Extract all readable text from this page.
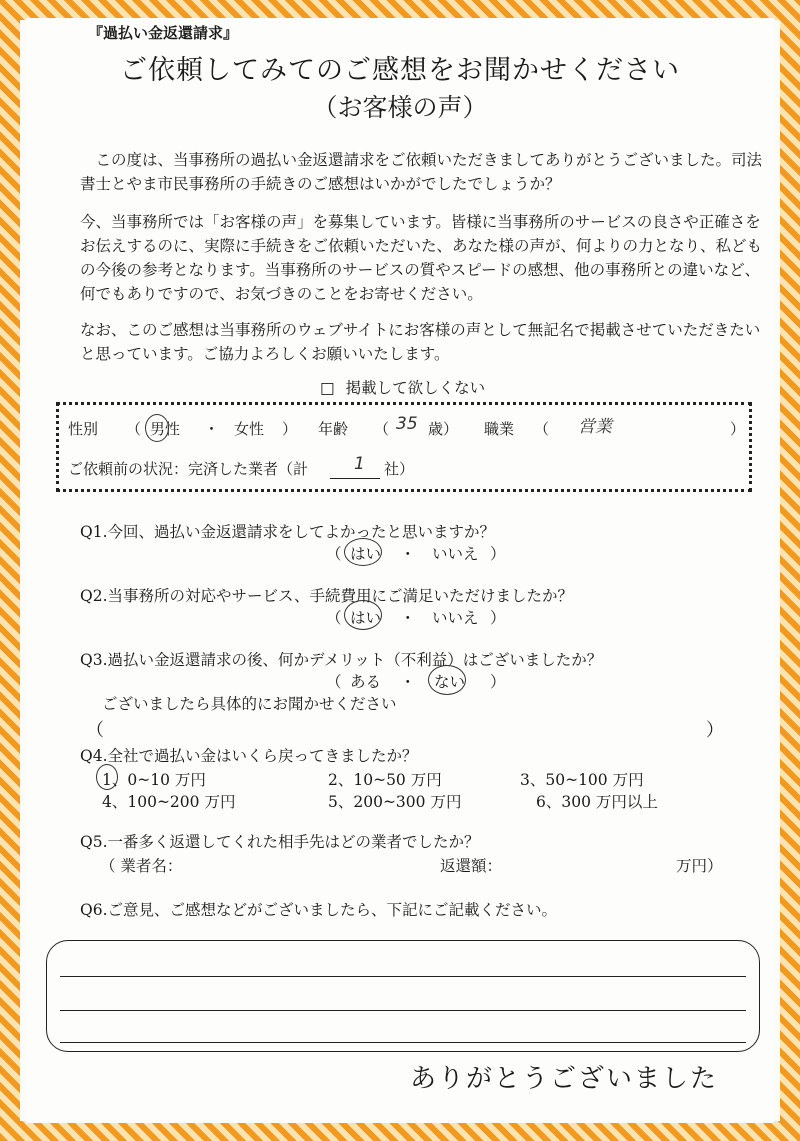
『過払い金返還請求』
ご依頼してみてのご感想をお聞かせください
（お客様の声）
この度は、当事務所の過払い金返還請求をご依頼いただきましてありがとうございました。司法書士とやま市民事務所の手続きのご感想はいかがでしたでしょうか？
今、当事務所では「お客様の声」を募集しています。皆様に当事務所のサービスの良さや正確さをお伝えするのに、実際に手続きをご依頼いただいた、あなた様の声が、何よりの力となり、私どもの今後の参考となります。当事務所のサービスの質やスピードの感想、他の事務所との違いなど、何でもありですので、お気づきのことをお寄せください。
なお、このご感想は当事務所のウェブサイトにお客様の声として無記名で掲載させていただきたいと思っています。ご協力よろしくお願いいたします。
□ 掲載して欲しくない
性別 （ 男性 ・ 女性 ） 年齢 （ 35 歳） 職業 （ 営業	）
ご依頼前の状況：完済した業者（計	1 社）
Q1.今回、過払い金返還請求をしてよかったと思いますか？
（ はい ・ いいえ ）
Q2.当事務所の対応やサービス、手続費用にご満足いただけましたか？
（ はい ・ いいえ ）
Q3.過払い金返還請求の後、何かデメリット（不利益）はございましたか？
（ ある ・ ない ）
ございましたら具体的にお聞かせください
（	）
Q4.全社で過払い金はいくら戻ってきましたか？
1、0~10 万円	2、10~50 万円	3、50~100 万円
4、100~200 万円	5、200~300 万円	6、300 万円以上
Q5.一番多く返還してくれた相手先はどの業者でしたか？
（ 業者名：	返還額：	万円）
Q6.ご意見、ご感想などがございましたら、下記にご記載ください。
ありがとうございました
